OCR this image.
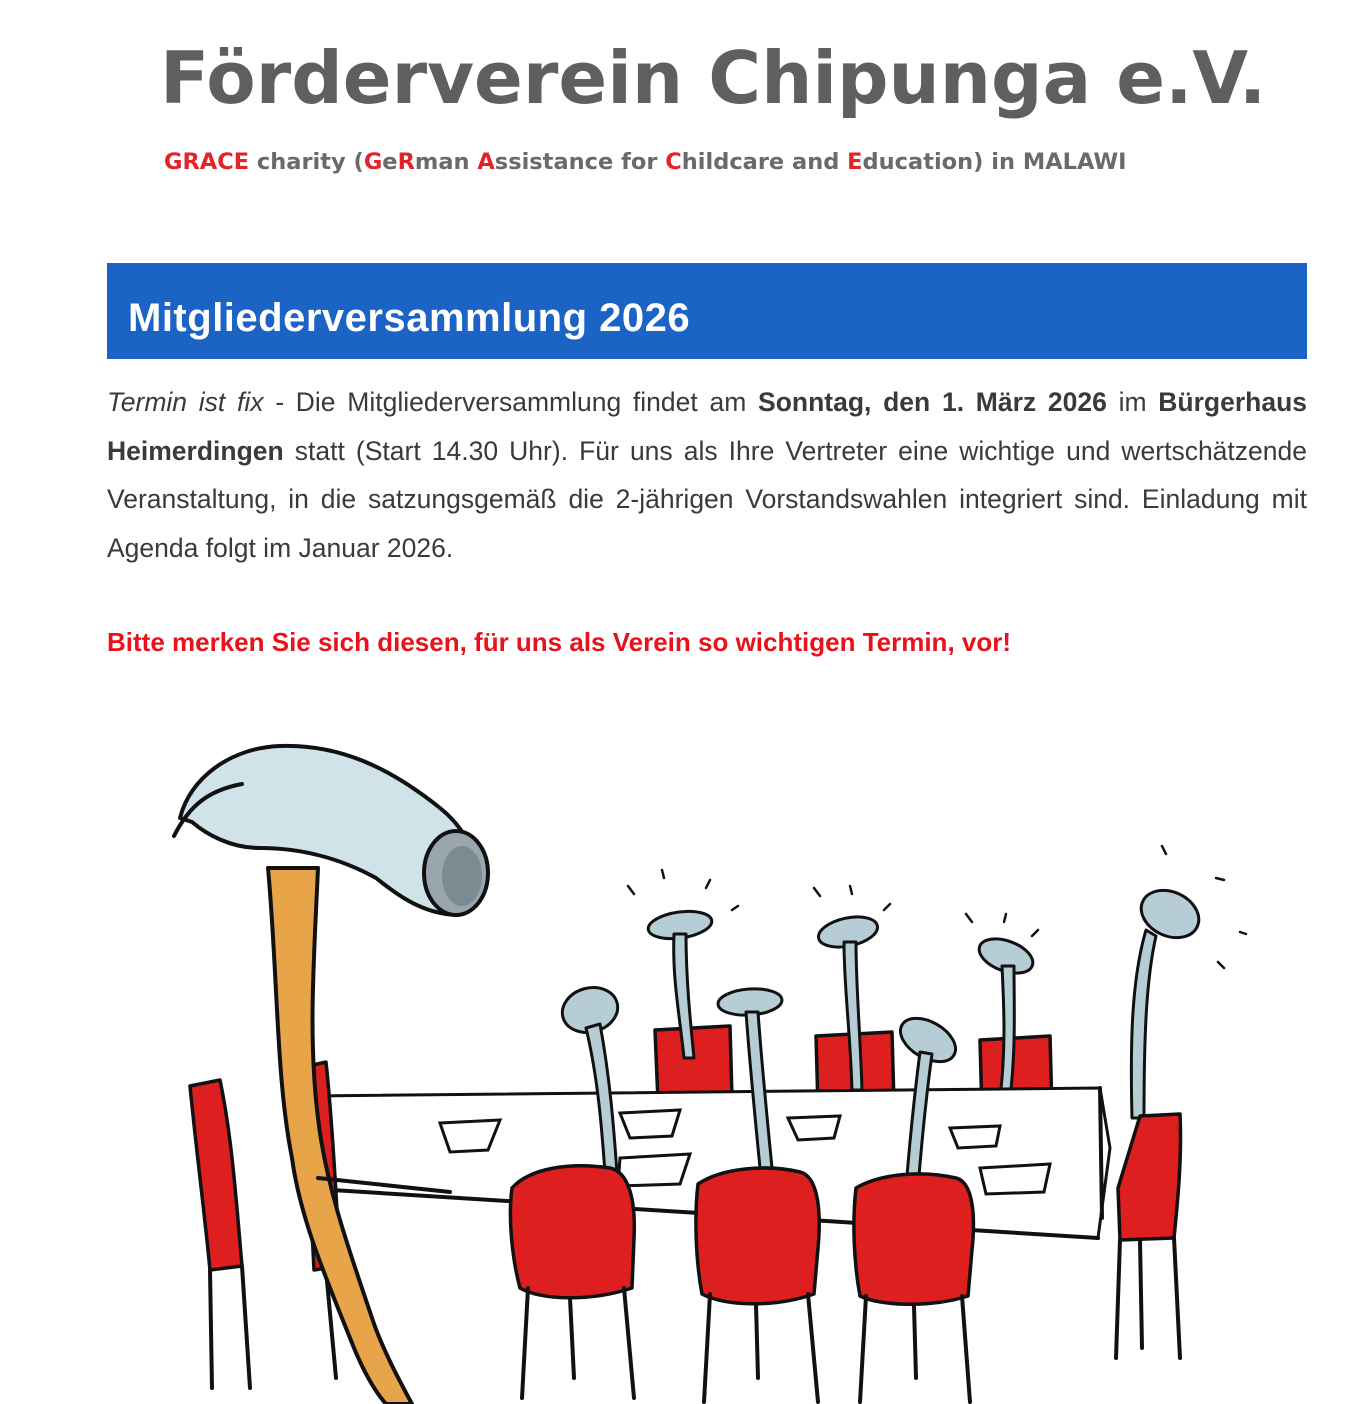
Förderverein Chipunga e.V.

GRACE charity (GeRman Assistance for Childcare and Education) in MALAWI

Mitgliederversammlung 2026

Termin ist fix - Die Mitgliederversammlung findet am Sonntag, den 1. März 2026 im Bürgerhaus Heimerdingen statt (Start 14.30 Uhr). Für uns als Ihre Vertreter eine wichtige und wertschätzende Veranstaltung, in die satzungsgemäß die 2-jährigen Vorstandswahlen integriert sind. Einladung mit Agenda folgt im Januar 2026.

Bitte merken Sie sich diesen, für uns als Verein so wichtigen Termin, vor!
